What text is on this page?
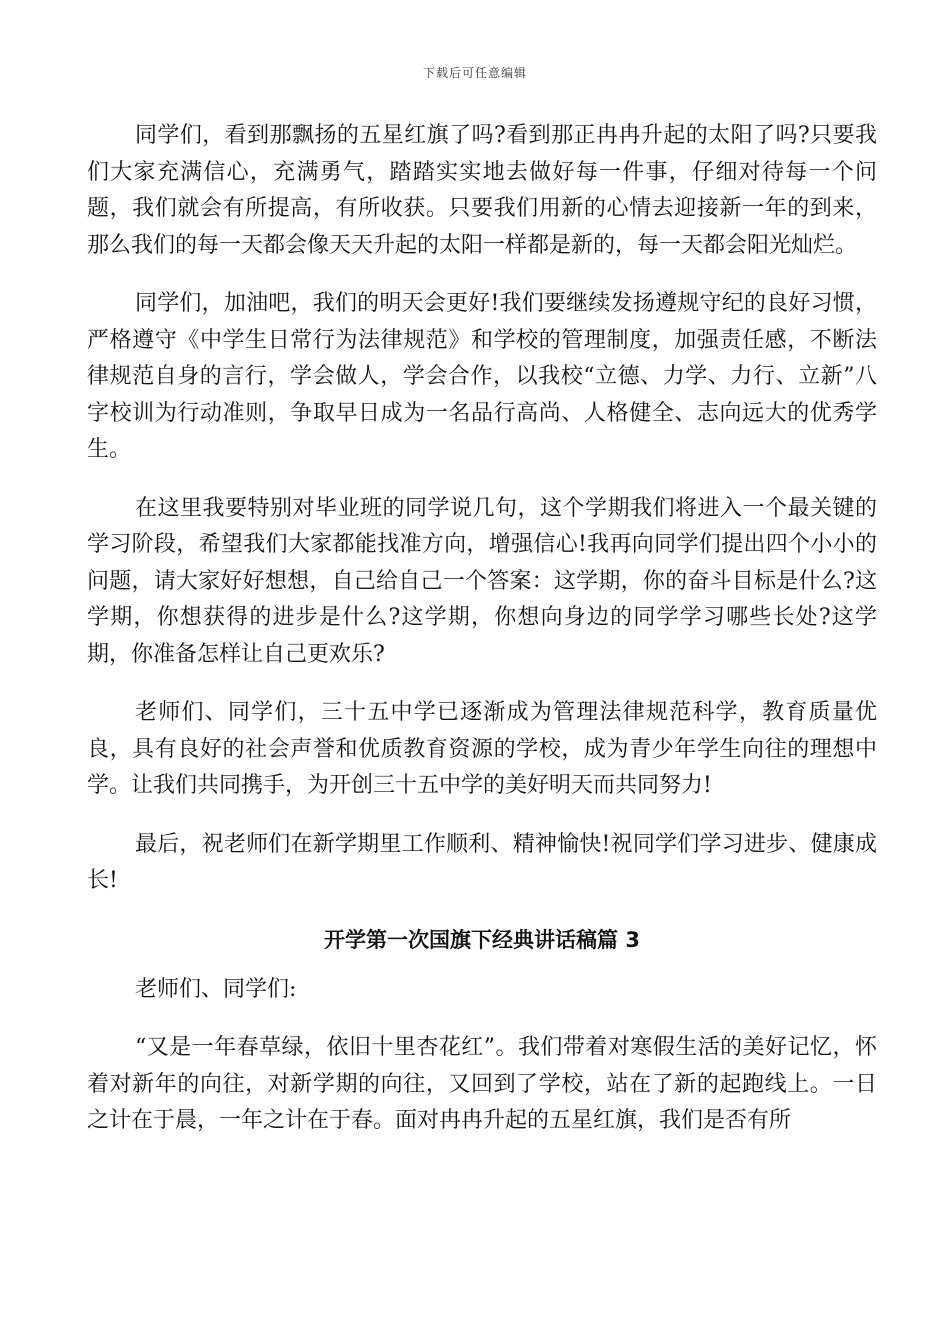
下载后可任意编辑

同学们，看到那飘扬的五星红旗了吗?看到那正冉冉升起的太阳了吗?只要我们大家充满信心，充满勇气，踏踏实实地去做好每一件事，仔细对待每一个问题，我们就会有所提高，有所收获。只要我们用新的心情去迎接新一年的到来，那么我们的每一天都会像天天升起的太阳一样都是新的，每一天都会阳光灿烂。

同学们，加油吧，我们的明天会更好!我们要继续发扬遵规守纪的良好习惯，严格遵守《中学生日常行为法律规范》和学校的管理制度，加强责任感，不断法律规范自身的言行，学会做人，学会合作，以我校“立德、力学、力行、立新”八字校训为行动准则，争取早日成为一名品行高尚、人格健全、志向远大的优秀学生。

在这里我要特别对毕业班的同学说几句，这个学期我们将进入一个最关键的学习阶段，希望我们大家都能找准方向，增强信心!我再向同学们提出四个小小的问题，请大家好好想想，自己给自己一个答案：这学期，你的奋斗目标是什么?这学期，你想获得的进步是什么?这学期，你想向身边的同学学习哪些长处?这学期，你准备怎样让自己更欢乐?

老师们、同学们，三十五中学已逐渐成为管理法律规范科学，教育质量优良，具有良好的社会声誉和优质教育资源的学校，成为青少年学生向往的理想中学。让我们共同携手，为开创三十五中学的美好明天而共同努力!

最后，祝老师们在新学期里工作顺利、精神愉快!祝同学们学习进步、健康成长!

开学第一次国旗下经典讲话稿篇 3

老师们、同学们:

“又是一年春草绿，依旧十里杏花红”。我们带着对寒假生活的美好记忆，怀着对新年的向往，对新学期的向往，又回到了学校，站在了新的起跑线上。一日之计在于晨，一年之计在于春。面对冉冉升起的五星红旗，我们是否有所
